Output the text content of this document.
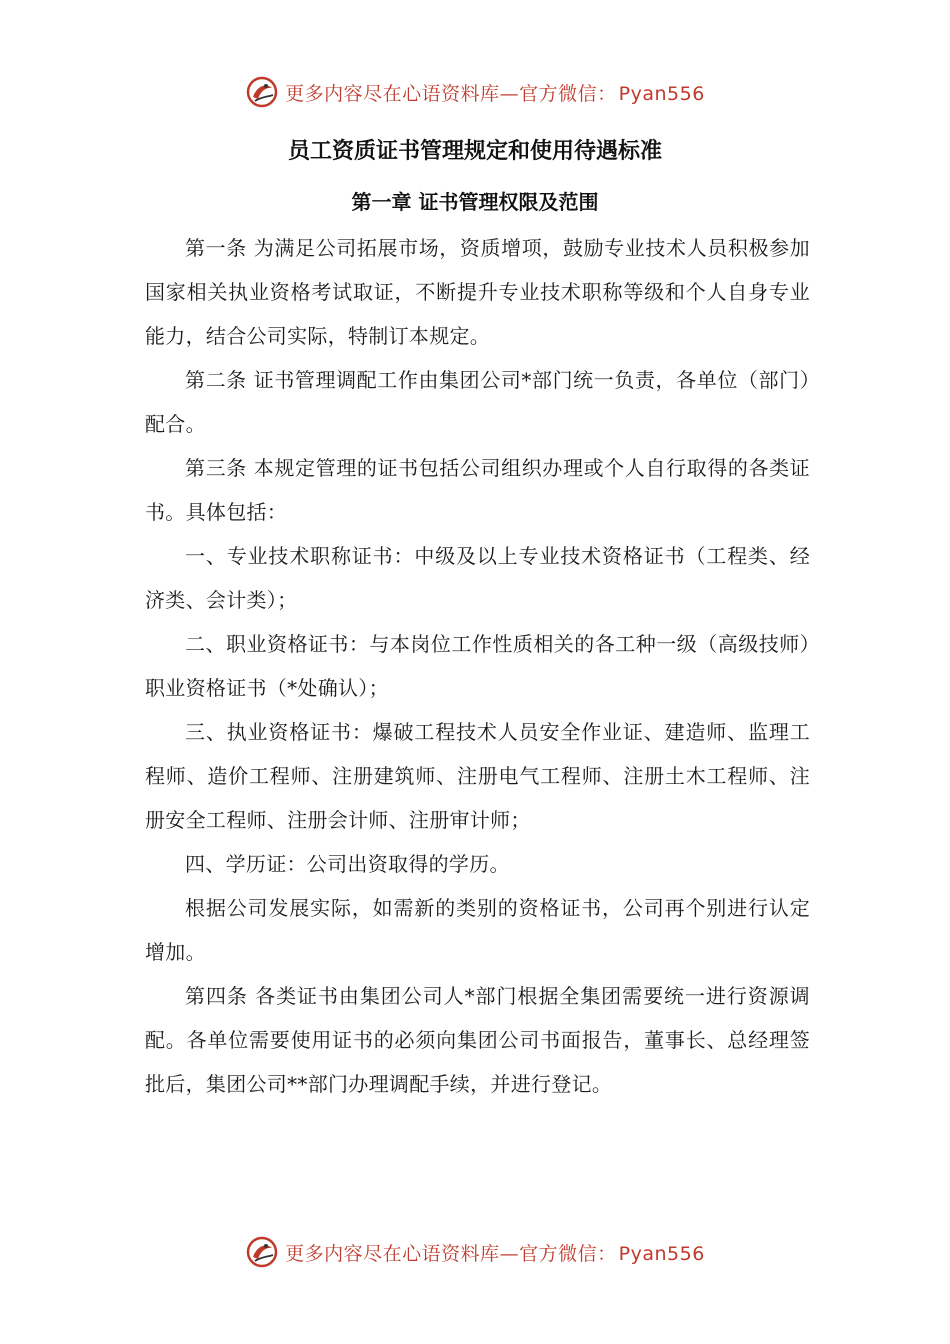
更多内容尽在心语资料库—官方微信： Pyan556
员工资质证书管理规定和使用待遇标准
第一章 证书管理权限及范围

第一条 为满足公司拓展市场，资质增项，鼓励专业技术人员积极参加国家相关执业资格考试取证，不断提升专业技术职称等级和个人自身专业能力，结合公司实际，特制订本规定。

第二条 证书管理调配工作由集团公司*部门统一负责，各单位（部门）配合。

第三条 本规定管理的证书包括公司组织办理或个人自行取得的各类证书。具体包括：

一、专业技术职称证书：中级及以上专业技术资格证书（工程类、经济类、会计类）；

二、职业资格证书：与本岗位工作性质相关的各工种一级（高级技师）职业资格证书（*处确认）；

三、执业资格证书：爆破工程技术人员安全作业证、建造师、监理工程师、造价工程师、注册建筑师、注册电气工程师、注册土木工程师、注册安全工程师、注册会计师、注册审计师；

四、学历证：公司出资取得的学历。

根据公司发展实际，如需新的类别的资格证书，公司再个别进行认定增加。

第四条 各类证书由集团公司人*部门根据全集团需要统一进行资源调配。各单位需要使用证书的必须向集团公司书面报告，董事长、总经理签批后，集团公司**部门办理调配手续，并进行登记。

更多内容尽在心语资料库—官方微信： Pyan556
